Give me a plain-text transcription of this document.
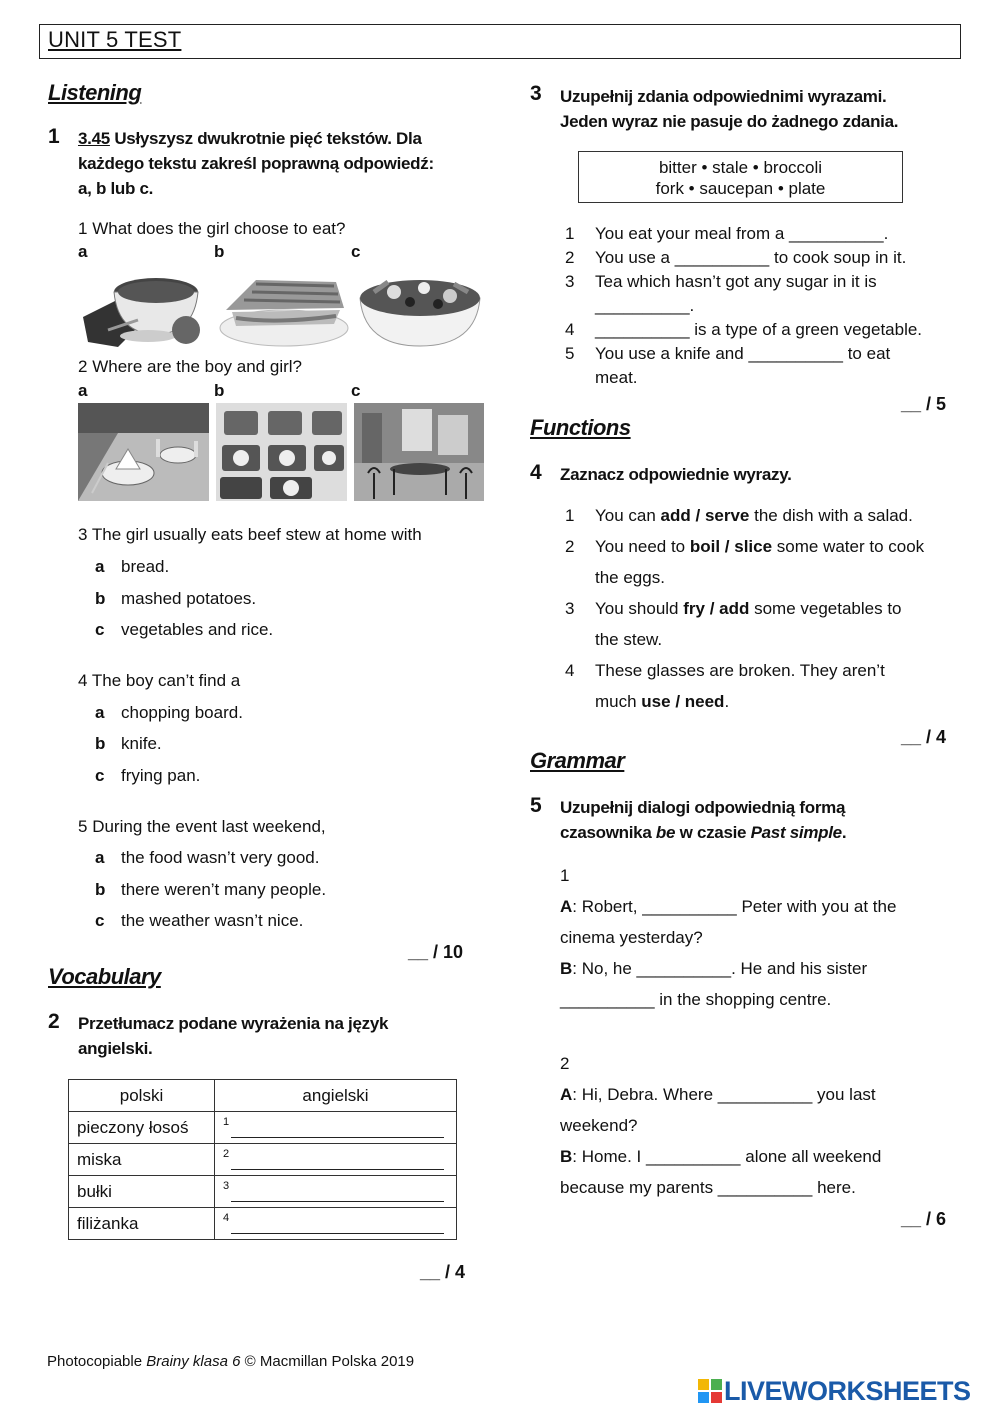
UNIT 5 TEST
Listening
1 3.45 Usłyszysz dwukrotnie pięć tekstów. Dla
każdego tekstu zakreśl poprawną odpowiedź:
a, b lub c.
1 What does the girl choose to eat?
a	b	c
2 Where are the boy and girl?
a	b	c
3 The girl usually eats beef stew at home with
a bread.
b mashed potatoes.
c vegetables and rice.
4 The boy can’t find a
a chopping board.
b knife.
c frying pan.
5 During the event last weekend,
a the food wasn’t very good.
b there weren’t many people.
c the weather wasn’t nice.
__ / 10
Vocabulary
2 Przetłumacz podane wyrażenia na język
angielski.
polski	angielski
pieczony łosoś	1

miska	2

bułki	3

filiżanka	4
__ / 4
3 Uzupełnij zdania odpowiednimi wyrazami.
Jeden wyraz nie pasuje do żadnego zdania.
bitter • stale • broccoli
fork • saucepan • plate
1	You eat your meal from a __________.
2	You use a __________ to cook soup in it.
3	Tea which hasn’t got any sugar in it is
__________.
4	__________ is a type of a green vegetable.
5	You use a knife and __________ to eat
meat.
__ / 5
Functions
4 Zaznacz odpowiednie wyrazy.
1	You can add / serve the dish with a salad.
2	You need to boil / slice some water to cook
the eggs.
3	You should fry / add some vegetables to
the stew.
4	These glasses are broken. They aren’t
much use / need.
__ / 4
Grammar
5 Uzupełnij dialogi odpowiednią formą
czasownika be w czasie Past simple.
1
A: Robert, __________ Peter with you at the
cinema yesterday?
B: No, he __________. He and his sister
__________ in the shopping centre.
2
A: Hi, Debra. Where __________ you last
weekend?
B: Home. I __________ alone all weekend
because my parents __________ here.
__ / 6
Photocopiable Brainy klasa 6 © Macmillan Polska 2019
LIVEWORKSHEETS
